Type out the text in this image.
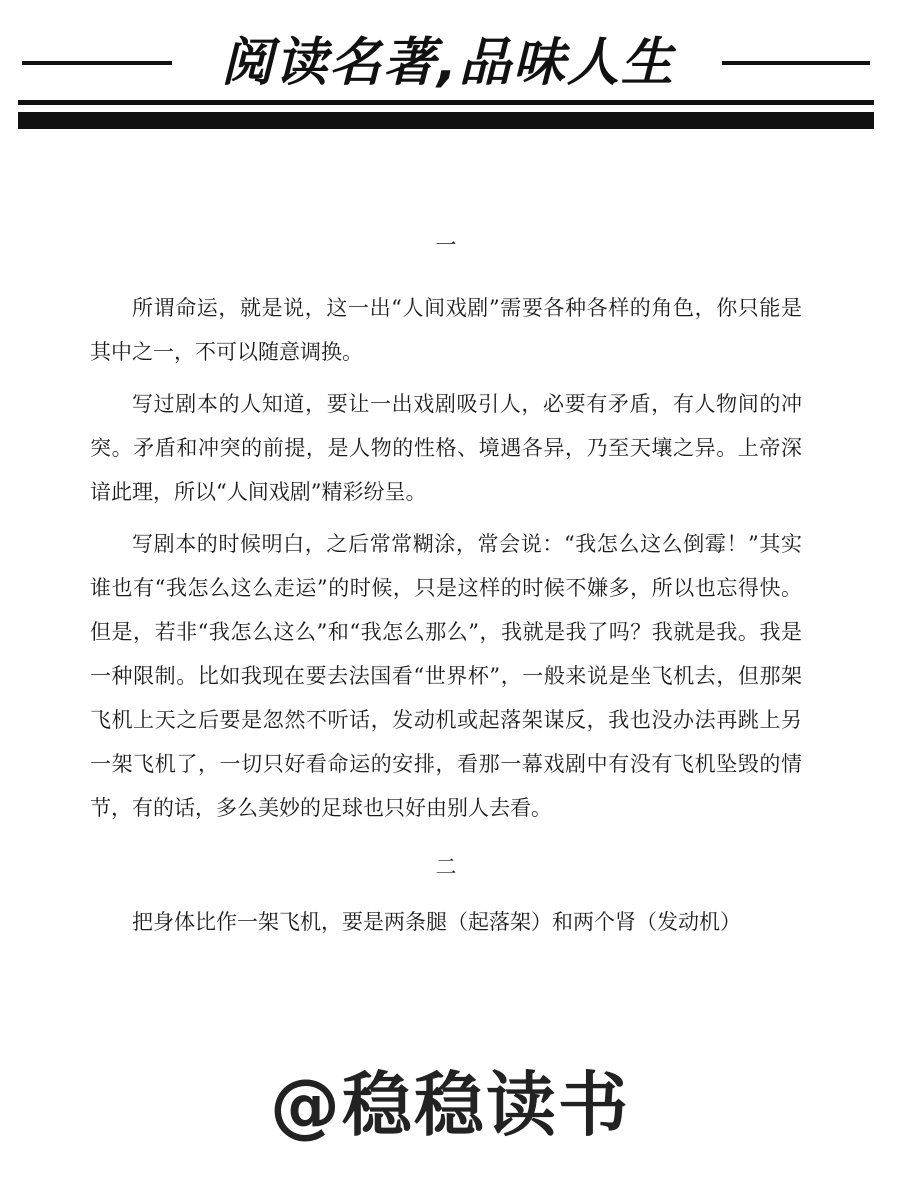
阅读名著,品味人生
一

所谓命运，就是说，这一出“人间戏剧”需要各种各样的角色，你只能是其中之一，不可以随意调换。

写过剧本的人知道，要让一出戏剧吸引人，必要有矛盾，有人物间的冲突。矛盾和冲突的前提，是人物的性格、境遇各异，乃至天壤之异。上帝深谙此理，所以“人间戏剧”精彩纷呈。

写剧本的时候明白，之后常常糊涂，常会说：“我怎么这么倒霉！”其实谁也有“我怎么这么走运”的时候，只是这样的时候不嫌多，所以也忘得快。但是，若非“我怎么这么”和“我怎么那么”，我就是我了吗？我就是我。我是一种限制。比如我现在要去法国看“世界杯”，一般来说是坐飞机去，但那架飞机上天之后要是忽然不听话，发动机或起落架谋反，我也没办法再跳上另一架飞机了，一切只好看命运的安排，看那一幕戏剧中有没有飞机坠毁的情节，有的话，多么美妙的足球也只好由别人去看。

二

把身体比作一架飞机，要是两条腿（起落架）和两个肾（发动机）

@稳稳读书
